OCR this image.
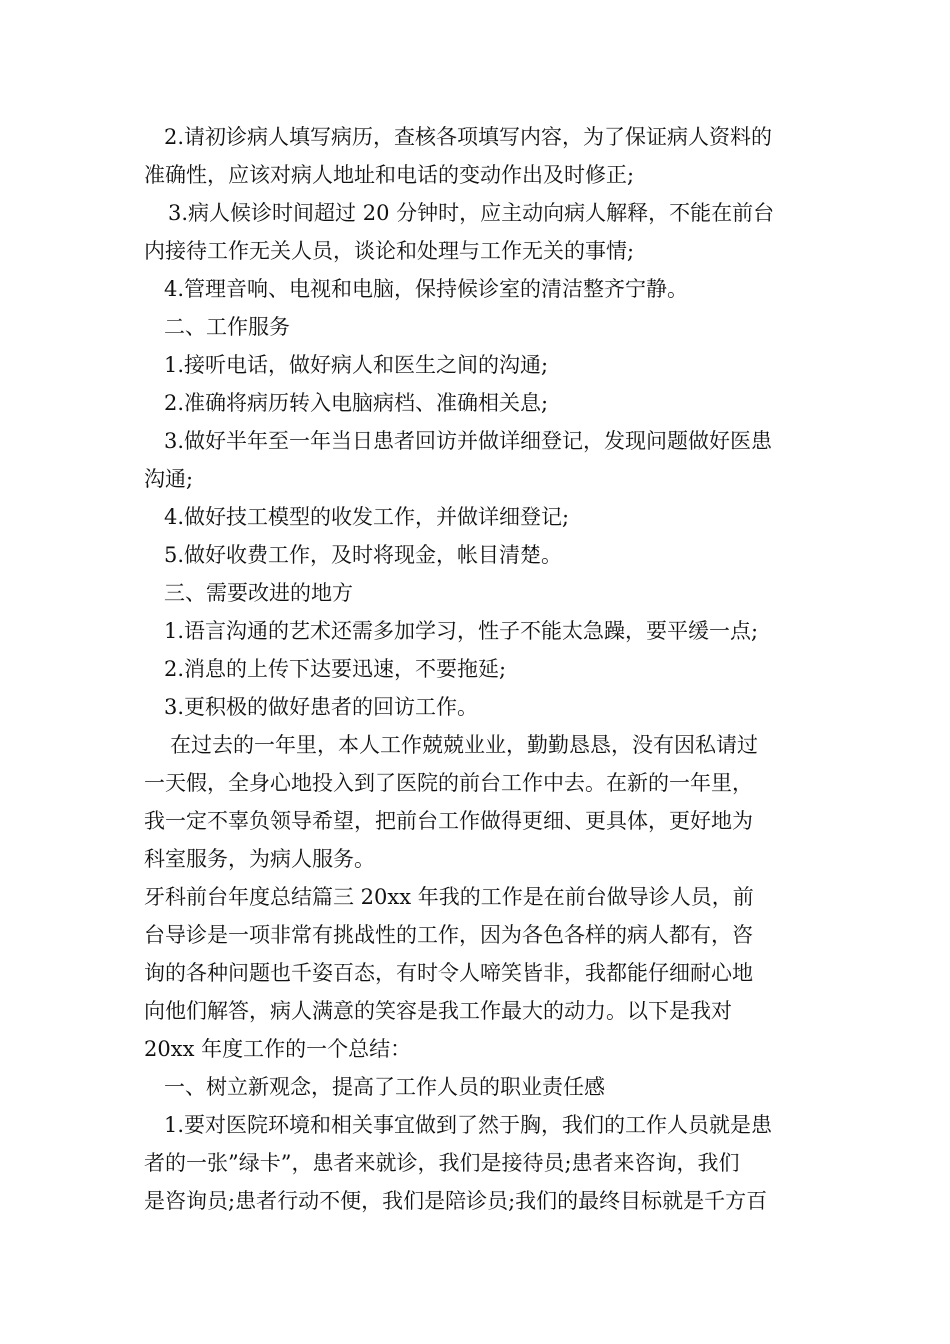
2.请初诊病人填写病历，查核各项填写内容，为了保证病人资料的
准确性，应该对病人地址和电话的变动作出及时修正;
3.病人候诊时间超过 20 分钟时，应主动向病人解释，不能在前台
内接待工作无关人员，谈论和处理与工作无关的事情;
4.管理音响、电视和电脑，保持候诊室的清洁整齐宁静。
二、工作服务
1.接听电话，做好病人和医生之间的沟通;
2.准确将病历转入电脑病档、准确相关息;
3.做好半年至一年当日患者回访并做详细登记，发现问题做好医患
沟通;
4.做好技工模型的收发工作，并做详细登记;
5.做好收费工作，及时将现金，帐目清楚。
三、需要改进的地方
1.语言沟通的艺术还需多加学习，性子不能太急躁，要平缓一点;
2.消息的上传下达要迅速，不要拖延;
3.更积极的做好患者的回访工作。
在过去的一年里，本人工作兢兢业业，勤勤恳恳，没有因私请过
一天假，全身心地投入到了医院的前台工作中去。在新的一年里，
我一定不辜负领导希望，把前台工作做得更细、更具体，更好地为
科室服务，为病人服务。
牙科前台年度总结篇三 20xx 年我的工作是在前台做导诊人员，前
台导诊是一项非常有挑战性的工作，因为各色各样的病人都有，咨
询的各种问题也千姿百态，有时令人啼笑皆非，我都能仔细耐心地
向他们解答，病人满意的笑容是我工作最大的动力。以下是我对
20xx 年度工作的一个总结：
一、树立新观念，提高了工作人员的职业责任感
1.要对医院环境和相关事宜做到了然于胸，我们的工作人员就是患
者的一张”绿卡”，患者来就诊，我们是接待员;患者来咨询，我们
是咨询员;患者行动不便，我们是陪诊员;我们的最终目标就是千方百
